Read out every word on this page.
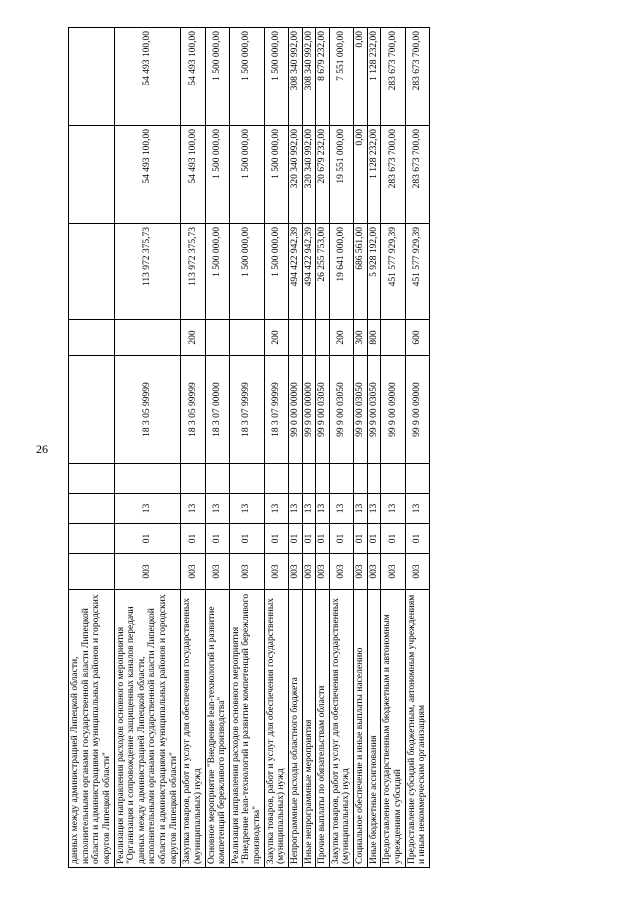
26
данных между администрацией Липецкой области, исполнительными органами государственной власти Липецкой области и администрациями муниципальных районов и городских округов Липецкой области"									
Реализация направления расходов основного мероприятия "Организация и сопровождение защищенных каналов передачи данных между администрацией Липецкой области, исполнительными органами государственной власти Липецкой области и администрациями муниципальных районов и городских округов Липецкой области"	003	01	13		18 3 05 99999		113 972 375,73	54 493 100,00	54 493 100,00
Закупка товаров, работ и услуг для обеспечения государственных (муниципальных) нужд	003	01	13		18 3 05 99999	200	113 972 375,73	54 493 100,00	54 493 100,00
Основное мероприятие "Внедрение lean-технологий и развитие компетенций бережливого производства"	003	01	13		18 3 07 00000		1 500 000,00	1 500 000,00	1 500 000,00
Реализация направления расходов основного мероприятия "Внедрение lean-технологий и развитие компетенций бережливого производства"	003	01	13		18 3 07 99999		1 500 000,00	1 500 000,00	1 500 000,00
Закупка товаров, работ и услуг для обеспечения государственных (муниципальных) нужд	003	01	13		18 3 07 99999	200	1 500 000,00	1 500 000,00	1 500 000,00
Непрограммные расходы областного бюджета	003	01	13		99 0 00 00000		494 422 942,39	320 340 992,00	308 340 992,00
Иные непрограммные мероприятия	003	01	13		99 9 00 00000		494 422 942,39	320 340 992,00	308 340 992,00
Прочие выплаты по обязательствам области	003	01	13		99 9 00 03050		26 255 753,00	20 679 232,00	8 679 232,00
Закупка товаров, работ и услуг для обеспечения государственных (муниципальных) нужд	003	01	13		99 9 00 03050	200	19 641 000,00	19 551 000,00	7 551 000,00
Социальное обеспечение и иные выплаты населению	003	01	13		99 9 00 03050	300	686 561,00	0,00	0,00
Иные бюджетные ассигнования	003	01	13		99 9 00 03050	800	5 928 192,00	1 128 232,00	1 128 232,00
Предоставление государственным бюджетным и автономным учреждениям субсидий	003	01	13		99 9 00 09000		451 577 929,39	283 673 700,00	283 673 700,00
Предоставление субсидий бюджетным, автономным учреждениям и иным некоммерческим организациям	003	01	13		99 9 00 09000	600	451 577 929,39	283 673 700,00	283 673 700,00
